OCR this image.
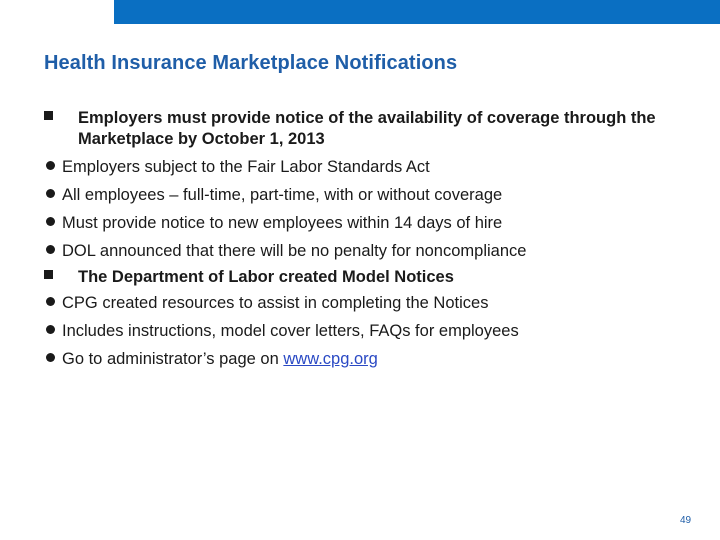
Health Insurance Marketplace Notifications
Employers must provide notice of the availability of coverage through the Marketplace by October 1, 2013
Employers subject to the Fair Labor Standards Act
All employees – full-time, part-time, with or without coverage
Must provide notice to new employees within 14 days of hire
DOL announced that there will be no penalty for noncompliance
The Department of Labor created Model Notices
CPG created resources to assist in completing the Notices
Includes instructions, model cover letters, FAQs for employees
Go to administrator’s page on www.cpg.org
49
